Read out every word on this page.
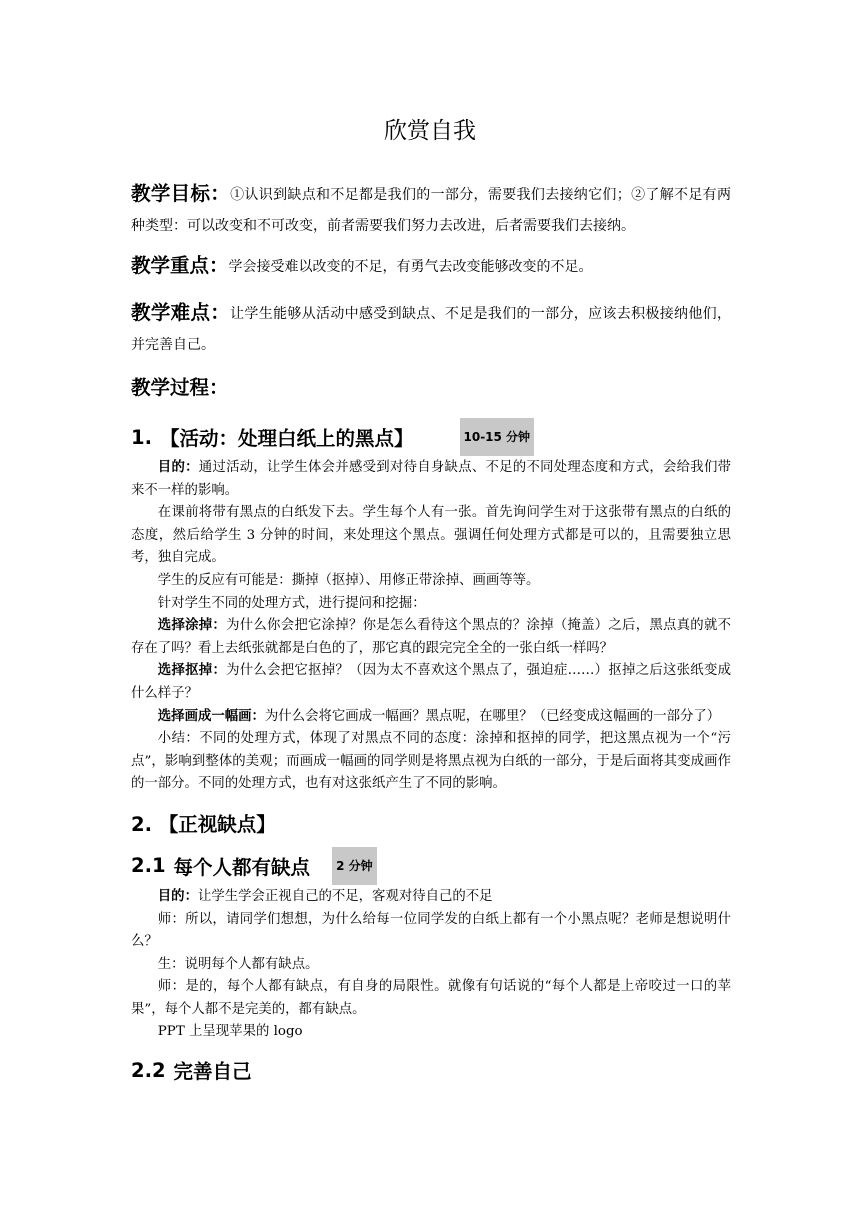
欣赏自我

教学目标：①认识到缺点和不足都是我们的一部分，需要我们去接纳它们；②了解不足有两种类型：可以改变和不可改变，前者需要我们努力去改进，后者需要我们去接纳。

教学重点：学会接受难以改变的不足，有勇气去改变能够改变的不足。

教学难点：让学生能够从活动中感受到缺点、不足是我们的一部分，应该去积极接纳他们，并完善自己。

教学过程：

1. 【活动：处理白纸上的黑点】	10-15 分钟

目的：通过活动，让学生体会并感受到对待自身缺点、不足的不同处理态度和方式，会给我们带来不一样的影响。

在课前将带有黑点的白纸发下去。学生每个人有一张。首先询问学生对于这张带有黑点的白纸的态度，然后给学生 3 分钟的时间，来处理这个黑点。强调任何处理方式都是可以的，且需要独立思考，独自完成。

学生的反应有可能是：撕掉（抠掉）、用修正带涂掉、画画等等。

针对学生不同的处理方式，进行提问和挖掘：

选择涂掉：为什么你会把它涂掉？你是怎么看待这个黑点的？涂掉（掩盖）之后，黑点真的就不存在了吗？看上去纸张就都是白色的了，那它真的跟完完全全的一张白纸一样吗？

选择抠掉：为什么会把它抠掉？（因为太不喜欢这个黑点了，强迫症……）抠掉之后这张纸变成什么样子？

选择画成一幅画：为什么会将它画成一幅画？黑点呢，在哪里？（已经变成这幅画的一部分了）

小结：不同的处理方式，体现了对黑点不同的态度：涂掉和抠掉的同学，把这黑点视为一个“污点”，影响到整体的美观；而画成一幅画的同学则是将黑点视为白纸的一部分，于是后面将其变成画作的一部分。不同的处理方式，也有对这张纸产生了不同的影响。

2. 【正视缺点】

2.1 每个人都有缺点	2 分钟

目的：让学生学会正视自己的不足，客观对待自己的不足

师：所以，请同学们想想，为什么给每一位同学发的白纸上都有一个小黑点呢？老师是想说明什么？

生：说明每个人都有缺点。

师：是的，每个人都有缺点，有自身的局限性。就像有句话说的“每个人都是上帝咬过一口的苹果”，每个人都不是完美的，都有缺点。

PPT 上呈现苹果的 logo

2.2 完善自己
